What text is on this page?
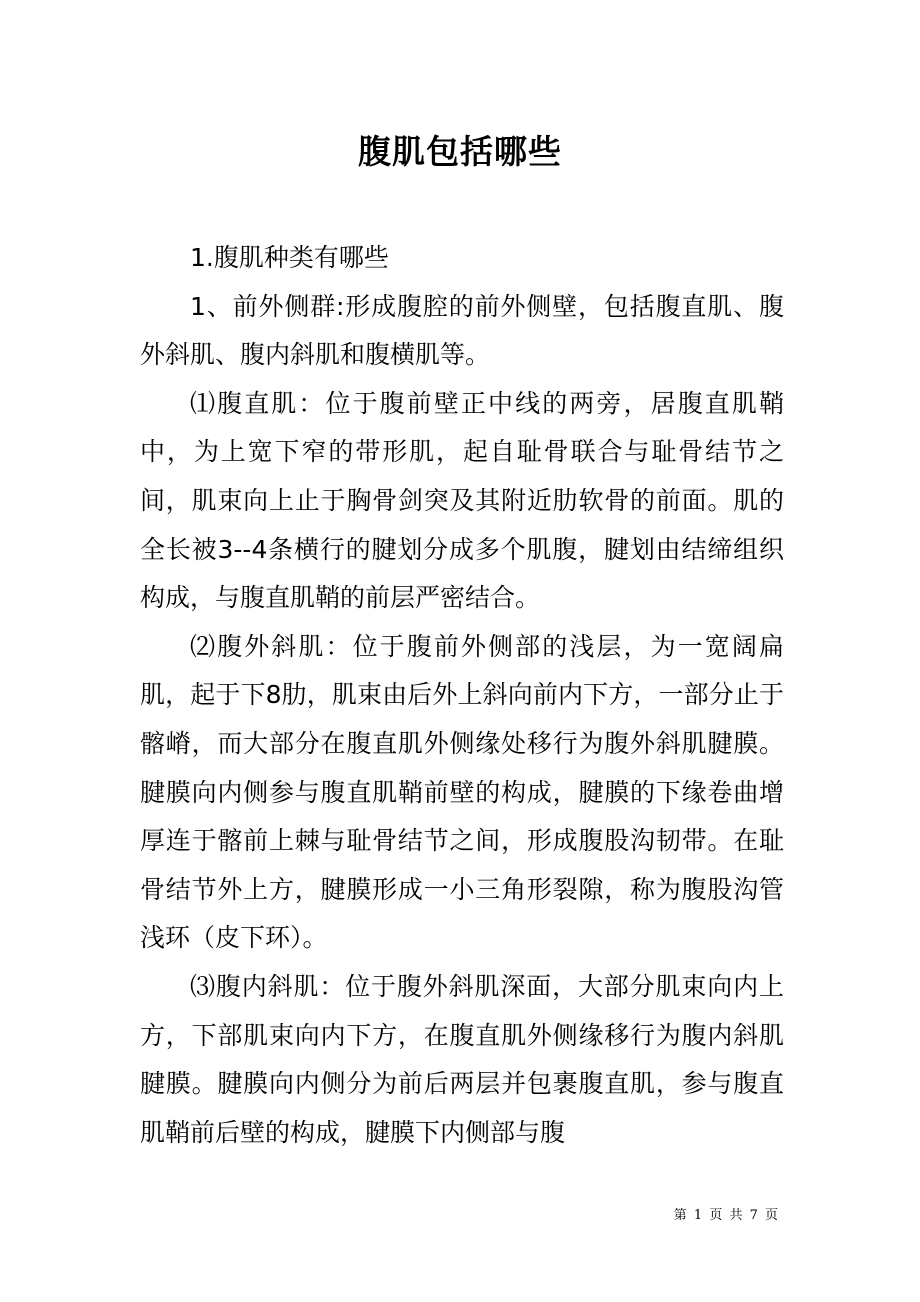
腹肌包括哪些

1.腹肌种类有哪些

1、前外侧群:形成腹腔的前外侧壁，包括腹直肌、腹外斜肌、腹内斜肌和腹横肌等。

⑴腹直肌：位于腹前壁正中线的两旁，居腹直肌鞘中，为上宽下窄的带形肌，起自耻骨联合与耻骨结节之间，肌束向上止于胸骨剑突及其附近肋软骨的前面。肌的全长被3--4条横行的腱划分成多个肌腹，腱划由结缔组织构成，与腹直肌鞘的前层严密结合。

⑵腹外斜肌：位于腹前外侧部的浅层，为一宽阔扁肌，起于下8肋，肌束由后外上斜向前内下方，一部分止于髂嵴，而大部分在腹直肌外侧缘处移行为腹外斜肌腱膜。腱膜向内侧参与腹直肌鞘前壁的构成，腱膜的下缘卷曲增厚连于髂前上棘与耻骨结节之间，形成腹股沟韧带。在耻骨结节外上方，腱膜形成一小三角形裂隙，称为腹股沟管浅环（皮下环）。

⑶腹内斜肌：位于腹外斜肌深面，大部分肌束向内上方，下部肌束向内下方，在腹直肌外侧缘移行为腹内斜肌腱膜。腱膜向内侧分为前后两层并包裹腹直肌，参与腹直肌鞘前后壁的构成，腱膜下内侧部与腹

第 1 页 共 7 页
